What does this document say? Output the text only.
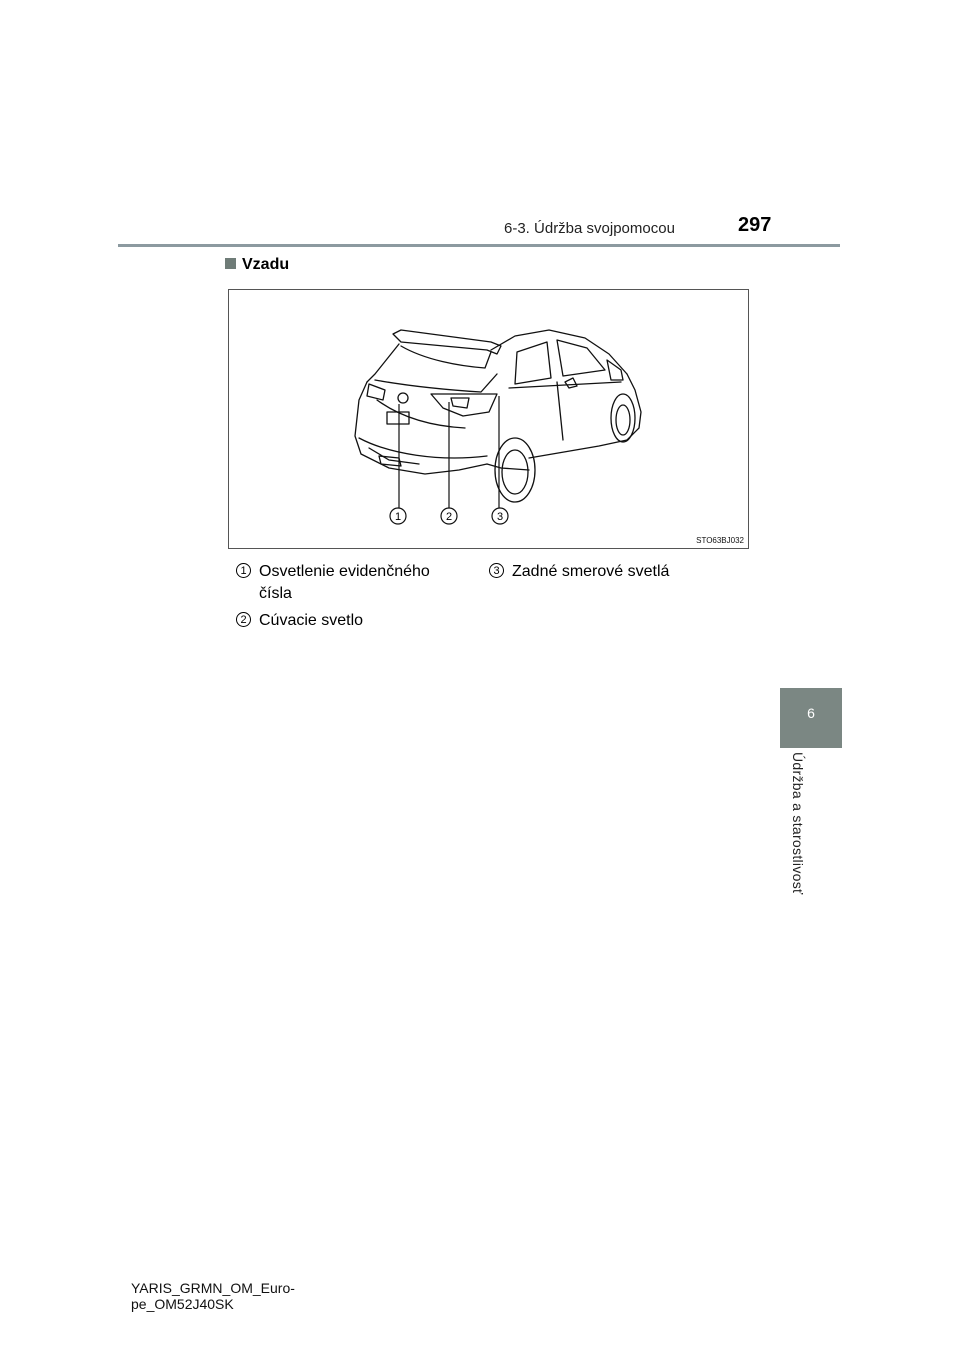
6-3. Údržba svojpomocou	297
6
Údržba a starostlivosť
Vzadu
1	2	3
STO63BJ032
1 Osvetlenie evidenčného
čísla
2 Cúvacie svetlo
3 Zadné smerové svetlá
YARIS_GRMN_OM_Euro-
pe_OM52J40SK
